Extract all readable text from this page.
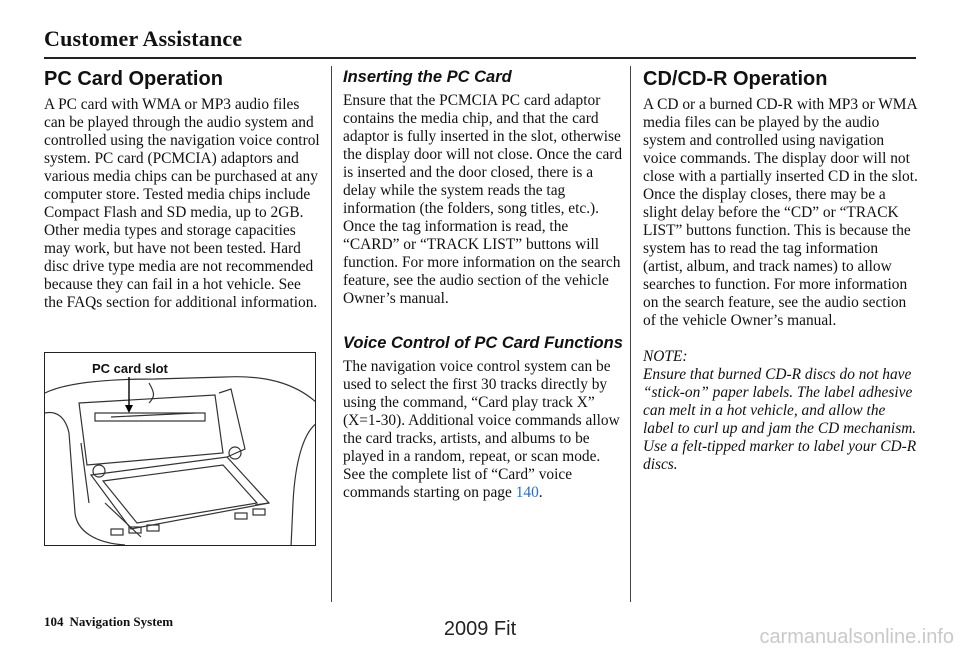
Customer Assistance
PC Card Operation

A PC card with WMA or MP3 audio files can be played through the audio system and controlled using the navigation voice control system. PC card (PCMCIA) adaptors and various media chips can be purchased at any computer store. Tested media chips include Compact Flash and SD media, up to 2GB. Other media types and storage capacities may work, but have not been tested. Hard disc drive type media are not recommended because they can fail in a hot vehicle. See the FAQs section for additional information.

PC card slot
Inserting the PC Card

Ensure that the PCMCIA PC card adaptor contains the media chip, and that the card adaptor is fully inserted in the slot, otherwise the display door will not close. Once the card is inserted and the door closed, there is a delay while the system reads the tag information (the folders, song titles, etc.). Once the tag information is read, the “CARD” or “TRACK LIST” buttons will function. For more information on the search feature, see the audio section of the vehicle Owner’s manual.

Voice Control of PC Card Functions

The navigation voice control system can be used to select the first 30 tracks directly by using the command, “Card play track X” (X=1-30). Additional voice commands allow the card tracks, artists, and albums to be played in a random, repeat, or scan mode. See the complete list of “Card” voice commands starting on page 140.

CD/CD-R Operation

A CD or a burned CD-R with MP3 or WMA media files can be played by the audio system and controlled using navigation voice commands. The display door will not close with a partially inserted CD in the slot. Once the display closes, there may be a slight delay before the “CD” or “TRACK LIST” buttons function. This is because the system has to read the tag information (artist, album, and track names) to allow searches to function. For more information on the search feature, see the audio section of the vehicle Owner’s manual.

NOTE:
Ensure that burned CD-R discs do not have “stick-on” paper labels. The label adhesive can melt in a hot vehicle, and allow the label to curl up and jam the CD mechanism. Use a felt-tipped marker to label your CD-R discs.
104 Navigation System	2009 Fit	carmanualsonline.info
